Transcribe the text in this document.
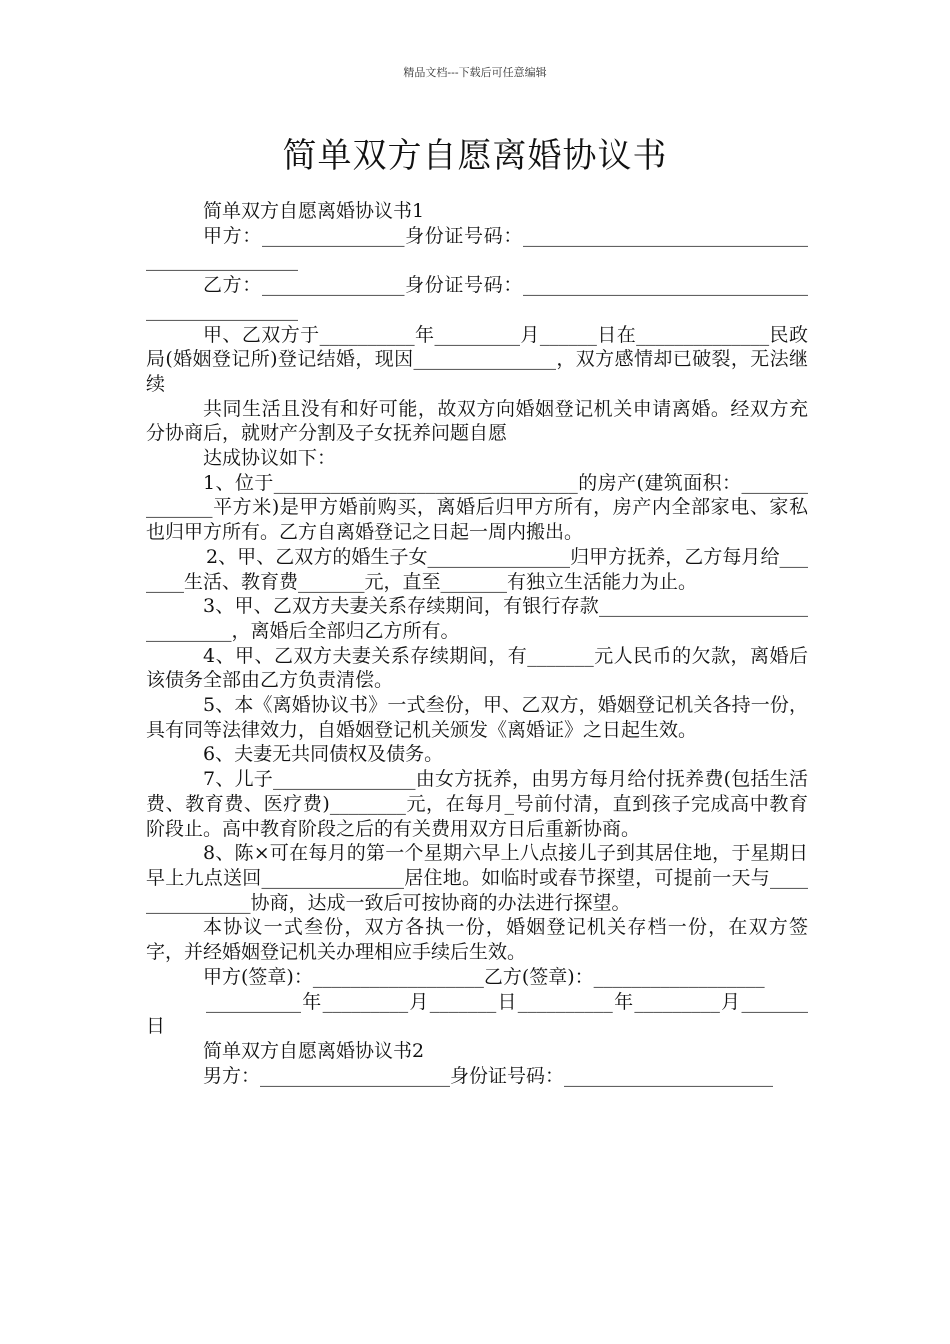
精品文档---下载后可任意编辑
简单双方自愿离婚协议书

简单双方自愿离婚协议书1

甲方：_______________身份证号码：______________________________________________

乙方：_______________身份证号码：______________________________________________

甲、乙双方于__________年_________月______日在______________民政局(婚姻登记所)登记结婚，现因_______________，双方感情却已破裂，无法继续

共同生活且没有和好可能，故双方向婚姻登记机关申请离婚。经双方充分协商后，就财产分割及子女抚养问题自愿

达成协议如下：

1、位于________________________________的房产(建筑面积：______________平方米)是甲方婚前购买，离婚后归甲方所有，房产内全部家电、家私也归甲方所有。乙方自离婚登记之日起一周内搬出。

2、甲、乙双方的婚生子女_______________归甲方抚养，乙方每月给_______生活、教育费_______元，直至_______有独立生活能力为止。

3、甲、乙双方夫妻关系存续期间，有银行存款_______________________________，离婚后全部归乙方所有。

4、甲、乙双方夫妻关系存续期间，有_______元人民币的欠款，离婚后该债务全部由乙方负责清偿。

5、本《离婚协议书》一式叁份，甲、乙双方，婚姻登记机关各持一份，具有同等法律效力，自婚姻登记机关颁发《离婚证》之日起生效。

6、夫妻无共同债权及债务。

7、儿子_______________由女方抚养，由男方每月给付抚养费(包括生活费、教育费、医疗费)________元，在每月_号前付清，直到孩子完成高中教育阶段止。高中教育阶段之后的有关费用双方日后重新协商。

8、陈×可在每月的第一个星期六早上八点接儿子到其居住地，于星期日早上九点送回_______________居住地。如临时或春节探望，可提前一天与_______________协商，达成一致后可按协商的办法进行探望。

本协议一式叁份，双方各执一份，婚姻登记机关存档一份，在双方签字，并经婚姻登记机关办理相应手续后生效。

甲方(签章)：__________________乙方(签章)：__________________

__________年_________月_______日__________年_________月_______日

简单双方自愿离婚协议书2

男方：____________________身份证号码：______________________
